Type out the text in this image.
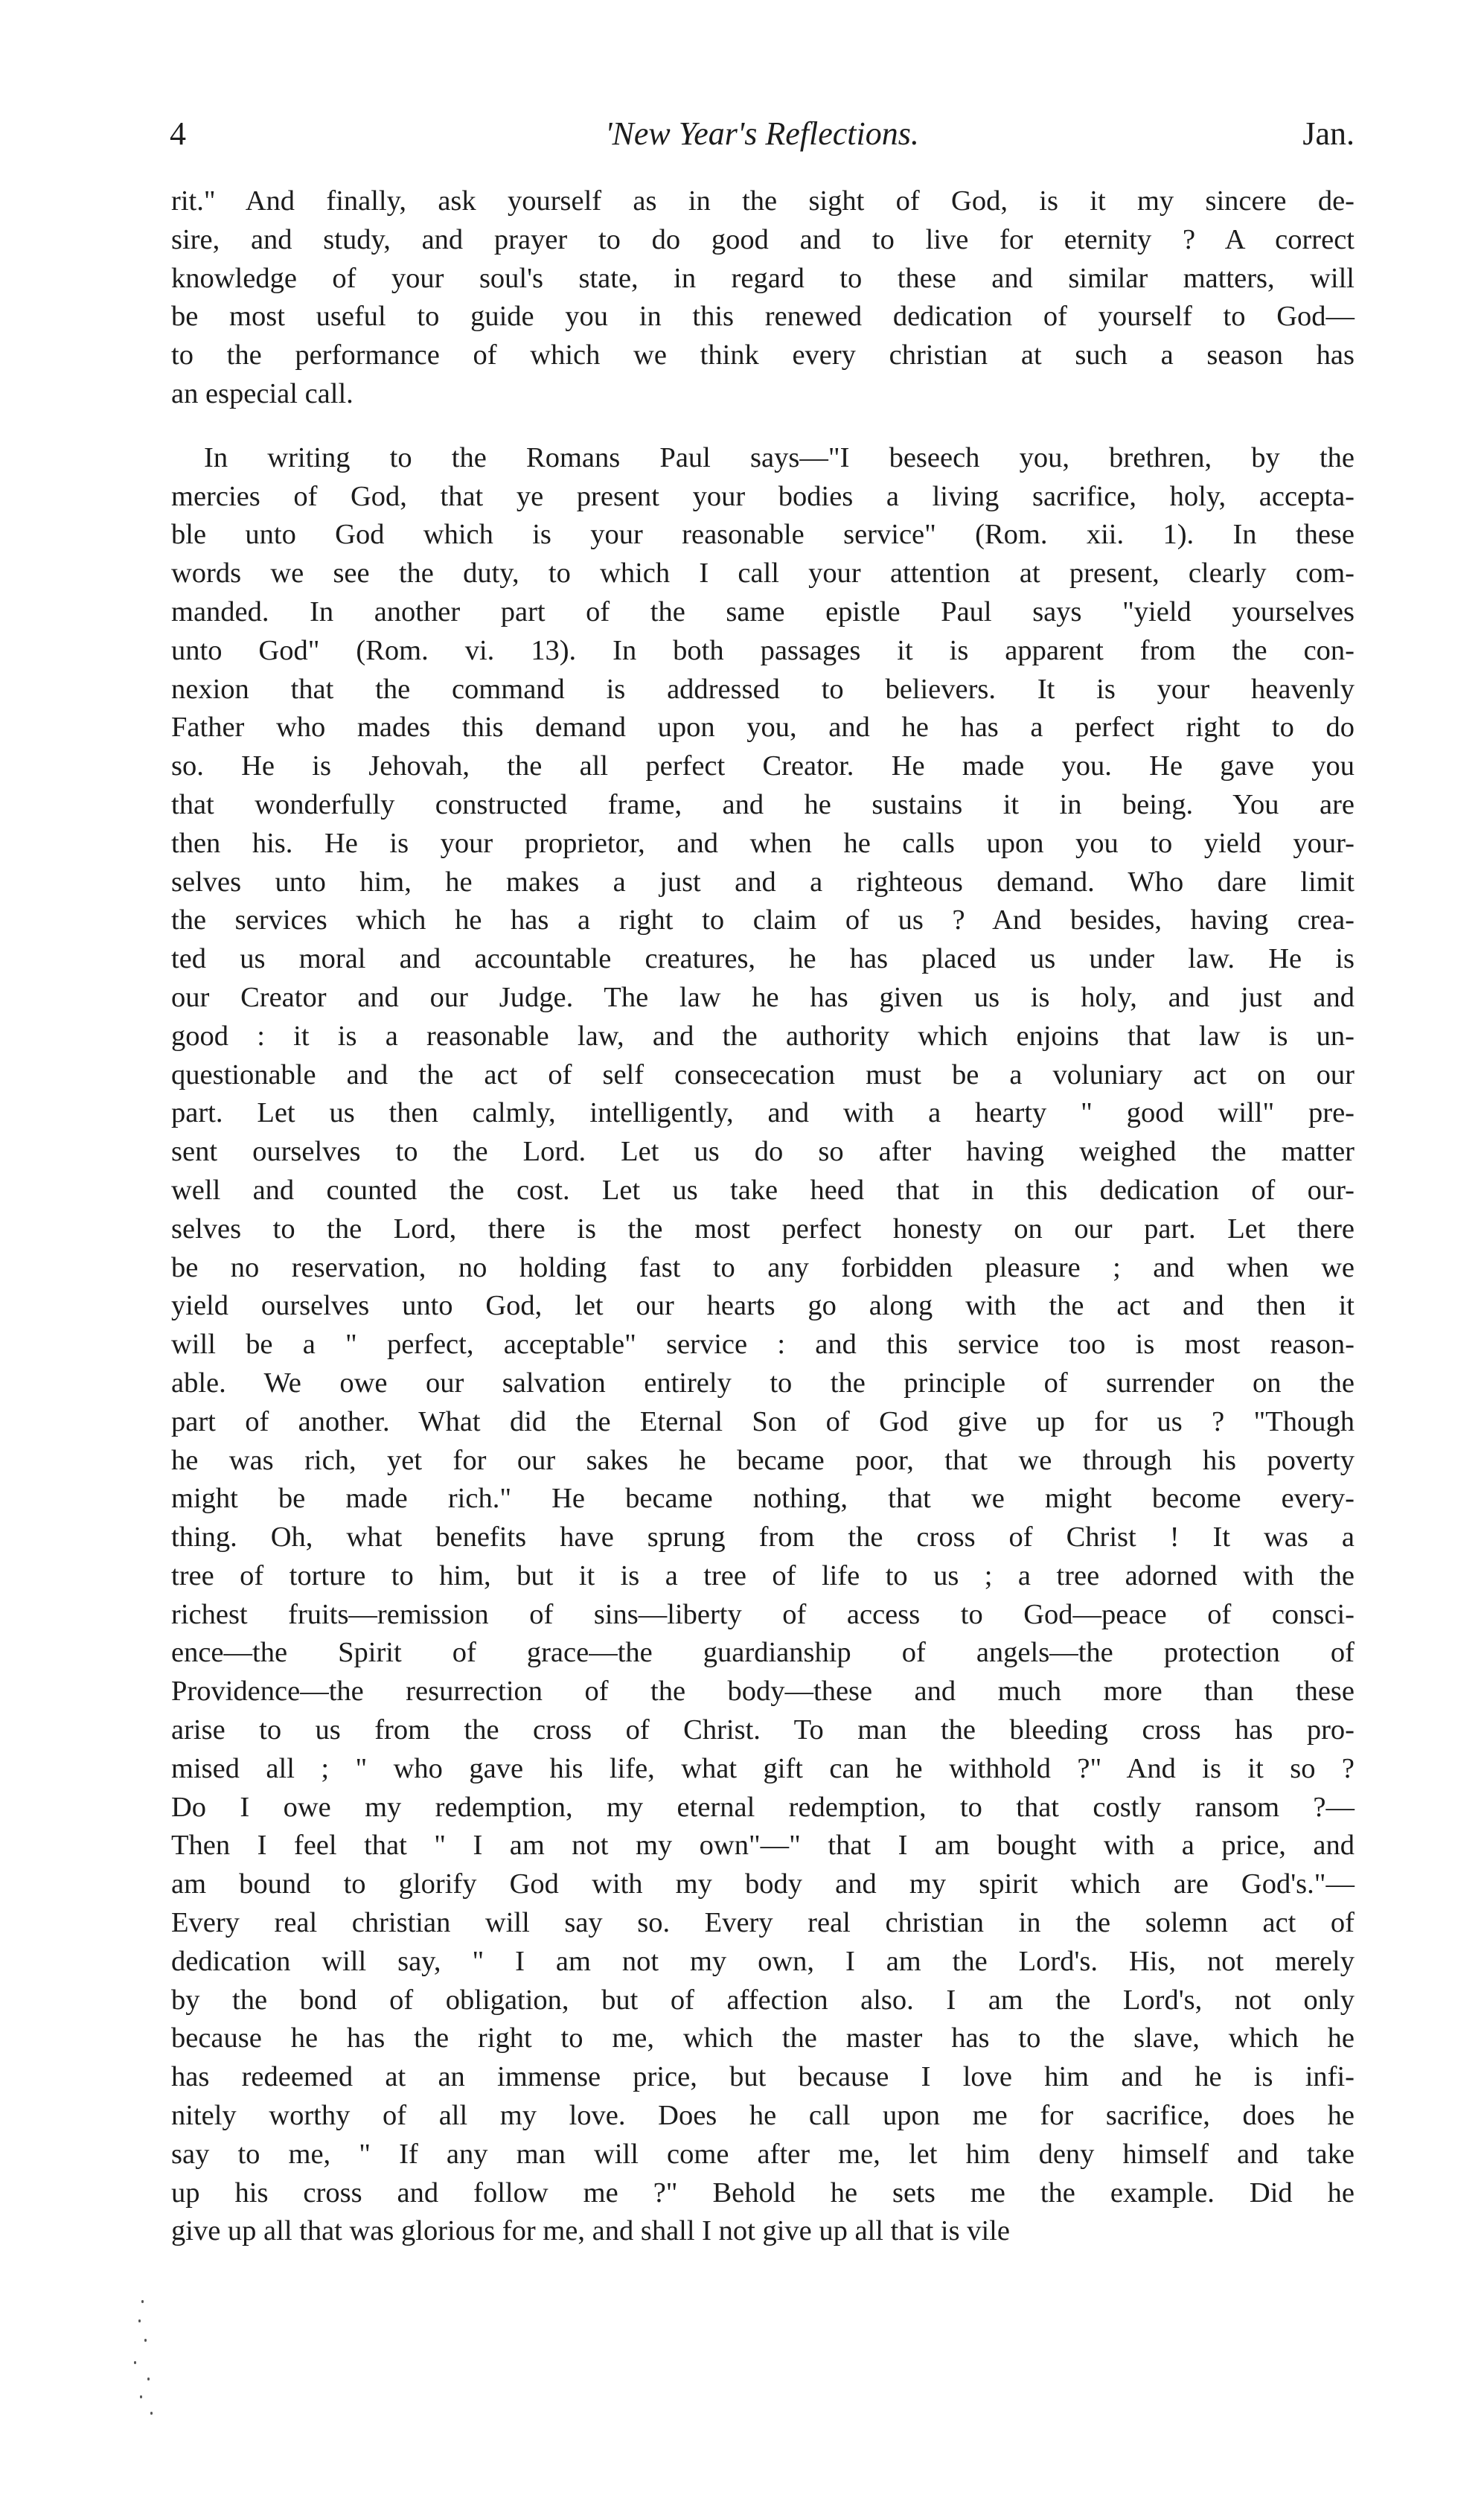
'New Year's Reflections.
4	Jan.
rit." And finally, ask yourself as in the sight of God, is it my sincere de-
sire, and study, and prayer to do good and to live for eternity ? A correct
knowledge of your soul's state, in regard to these and similar matters, will
be most useful to guide you in this renewed dedication of yourself to God—
to the performance of which we think every christian at such a season has
an especial call.
In writing to the Romans Paul says—"I beseech you, brethren, by the
mercies of God, that ye present your bodies a living sacrifice, holy, accepta-
ble unto God which is your reasonable service" (Rom. xii. 1). In these
words we see the duty, to which I call your attention at present, clearly com-
manded. In another part of the same epistle Paul says "yield yourselves
unto God" (Rom. vi. 13). In both passages it is apparent from the con-
nexion that the command is addressed to believers. It is your heavenly
Father who mades this demand upon you, and he has a perfect right to do
so. He is Jehovah, the all perfect Creator. He made you. He gave you
that wonderfully constructed frame, and he sustains it in being. You are
then his. He is your proprietor, and when he calls upon you to yield your-
selves unto him, he makes a just and a righteous demand. Who dare limit
the services which he has a right to claim of us ? And besides, having crea-
ted us moral and accountable creatures, he has placed us under law. He is
our Creator and our Judge. The law he has given us is holy, and just and
good : it is a reasonable law, and the authority which enjoins that law is un-
questionable and the act of self consececation must be a voluniary act on our
part. Let us then calmly, intelligently, and with a hearty " good will" pre-
sent ourselves to the Lord. Let us do so after having weighed the matter
well and counted the cost. Let us take heed that in this dedication of our-
selves to the Lord, there is the most perfect honesty on our part. Let there
be no reservation, no holding fast to any forbidden pleasure ; and when we
yield ourselves unto God, let our hearts go along with the act and then it
will be a " perfect, acceptable" service : and this service too is most reason-
able. We owe our salvation entirely to the principle of surrender on the
part of another. What did the Eternal Son of God give up for us ? "Though
he was rich, yet for our sakes he became poor, that we through his poverty
might be made rich." He became nothing, that we might become every-
thing. Oh, what benefits have sprung from the cross of Christ ! It was a
tree of torture to him, but it is a tree of life to us ; a tree adorned with the
richest fruits—remission of sins—liberty of access to God—peace of consci-
ence—the Spirit of grace—the guardianship of angels—the protection of
Providence—the resurrection of the body—these and much more than these
arise to us from the cross of Christ. To man the bleeding cross has pro-
mised all ; " who gave his life, what gift can he withhold ?" And is it so ?
Do I owe my redemption, my eternal redemption, to that costly ransom ?—
Then I feel that " I am not my own"—" that I am bought with a price, and
am bound to glorify God with my body and my spirit which are God's."—
Every real christian will say so. Every real christian in the solemn act of
dedication will say, " I am not my own, I am the Lord's. His, not merely
by the bond of obligation, but of affection also. I am the Lord's, not only
because he has the right to me, which the master has to the slave, which he
has redeemed at an immense price, but because I love him and he is infi-
nitely worthy of all my love. Does he call upon me for sacrifice, does he
say to me, " If any man will come after me, let him deny himself and take
up his cross and follow me ?" Behold he sets me the example. Did he
give up all that was glorious for me, and shall I not give up all that is vile
